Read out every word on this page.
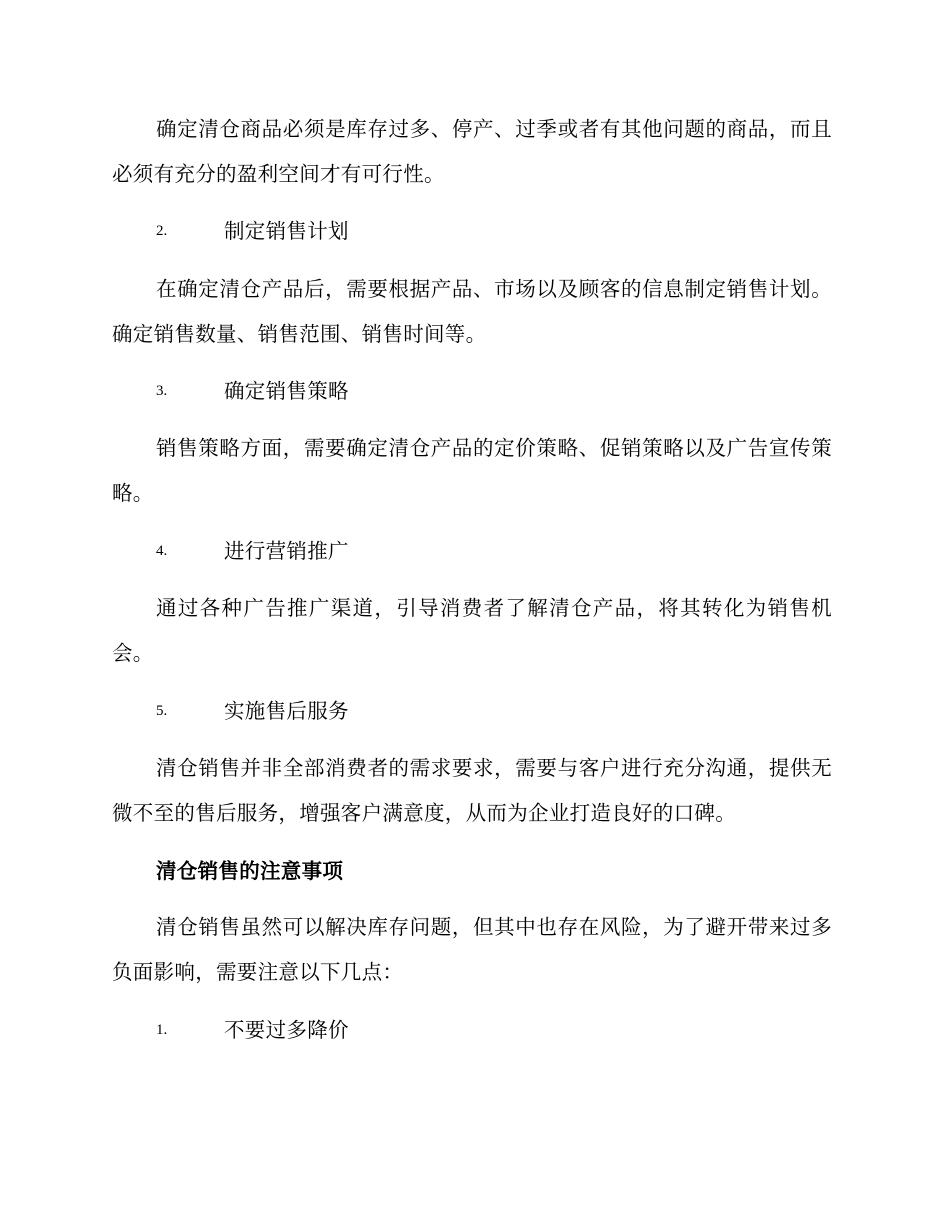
确定清仓商品必须是库存过多、停产、过季或者有其他问题的商品，而且必须有充分的盈利空间才有可行性。

2.	制定销售计划

在确定清仓产品后，需要根据产品、市场以及顾客的信息制定销售计划。确定销售数量、销售范围、销售时间等。

3.	确定销售策略

销售策略方面，需要确定清仓产品的定价策略、促销策略以及广告宣传策略。

4.	进行营销推广

通过各种广告推广渠道，引导消费者了解清仓产品，将其转化为销售机会。

5.	实施售后服务

清仓销售并非全部消费者的需求要求，需要与客户进行充分沟通，提供无微不至的售后服务，增强客户满意度，从而为企业打造良好的口碑。

清仓销售的注意事项

清仓销售虽然可以解决库存问题，但其中也存在风险，为了避开带来过多负面影响，需要注意以下几点：

1.	不要过多降价
